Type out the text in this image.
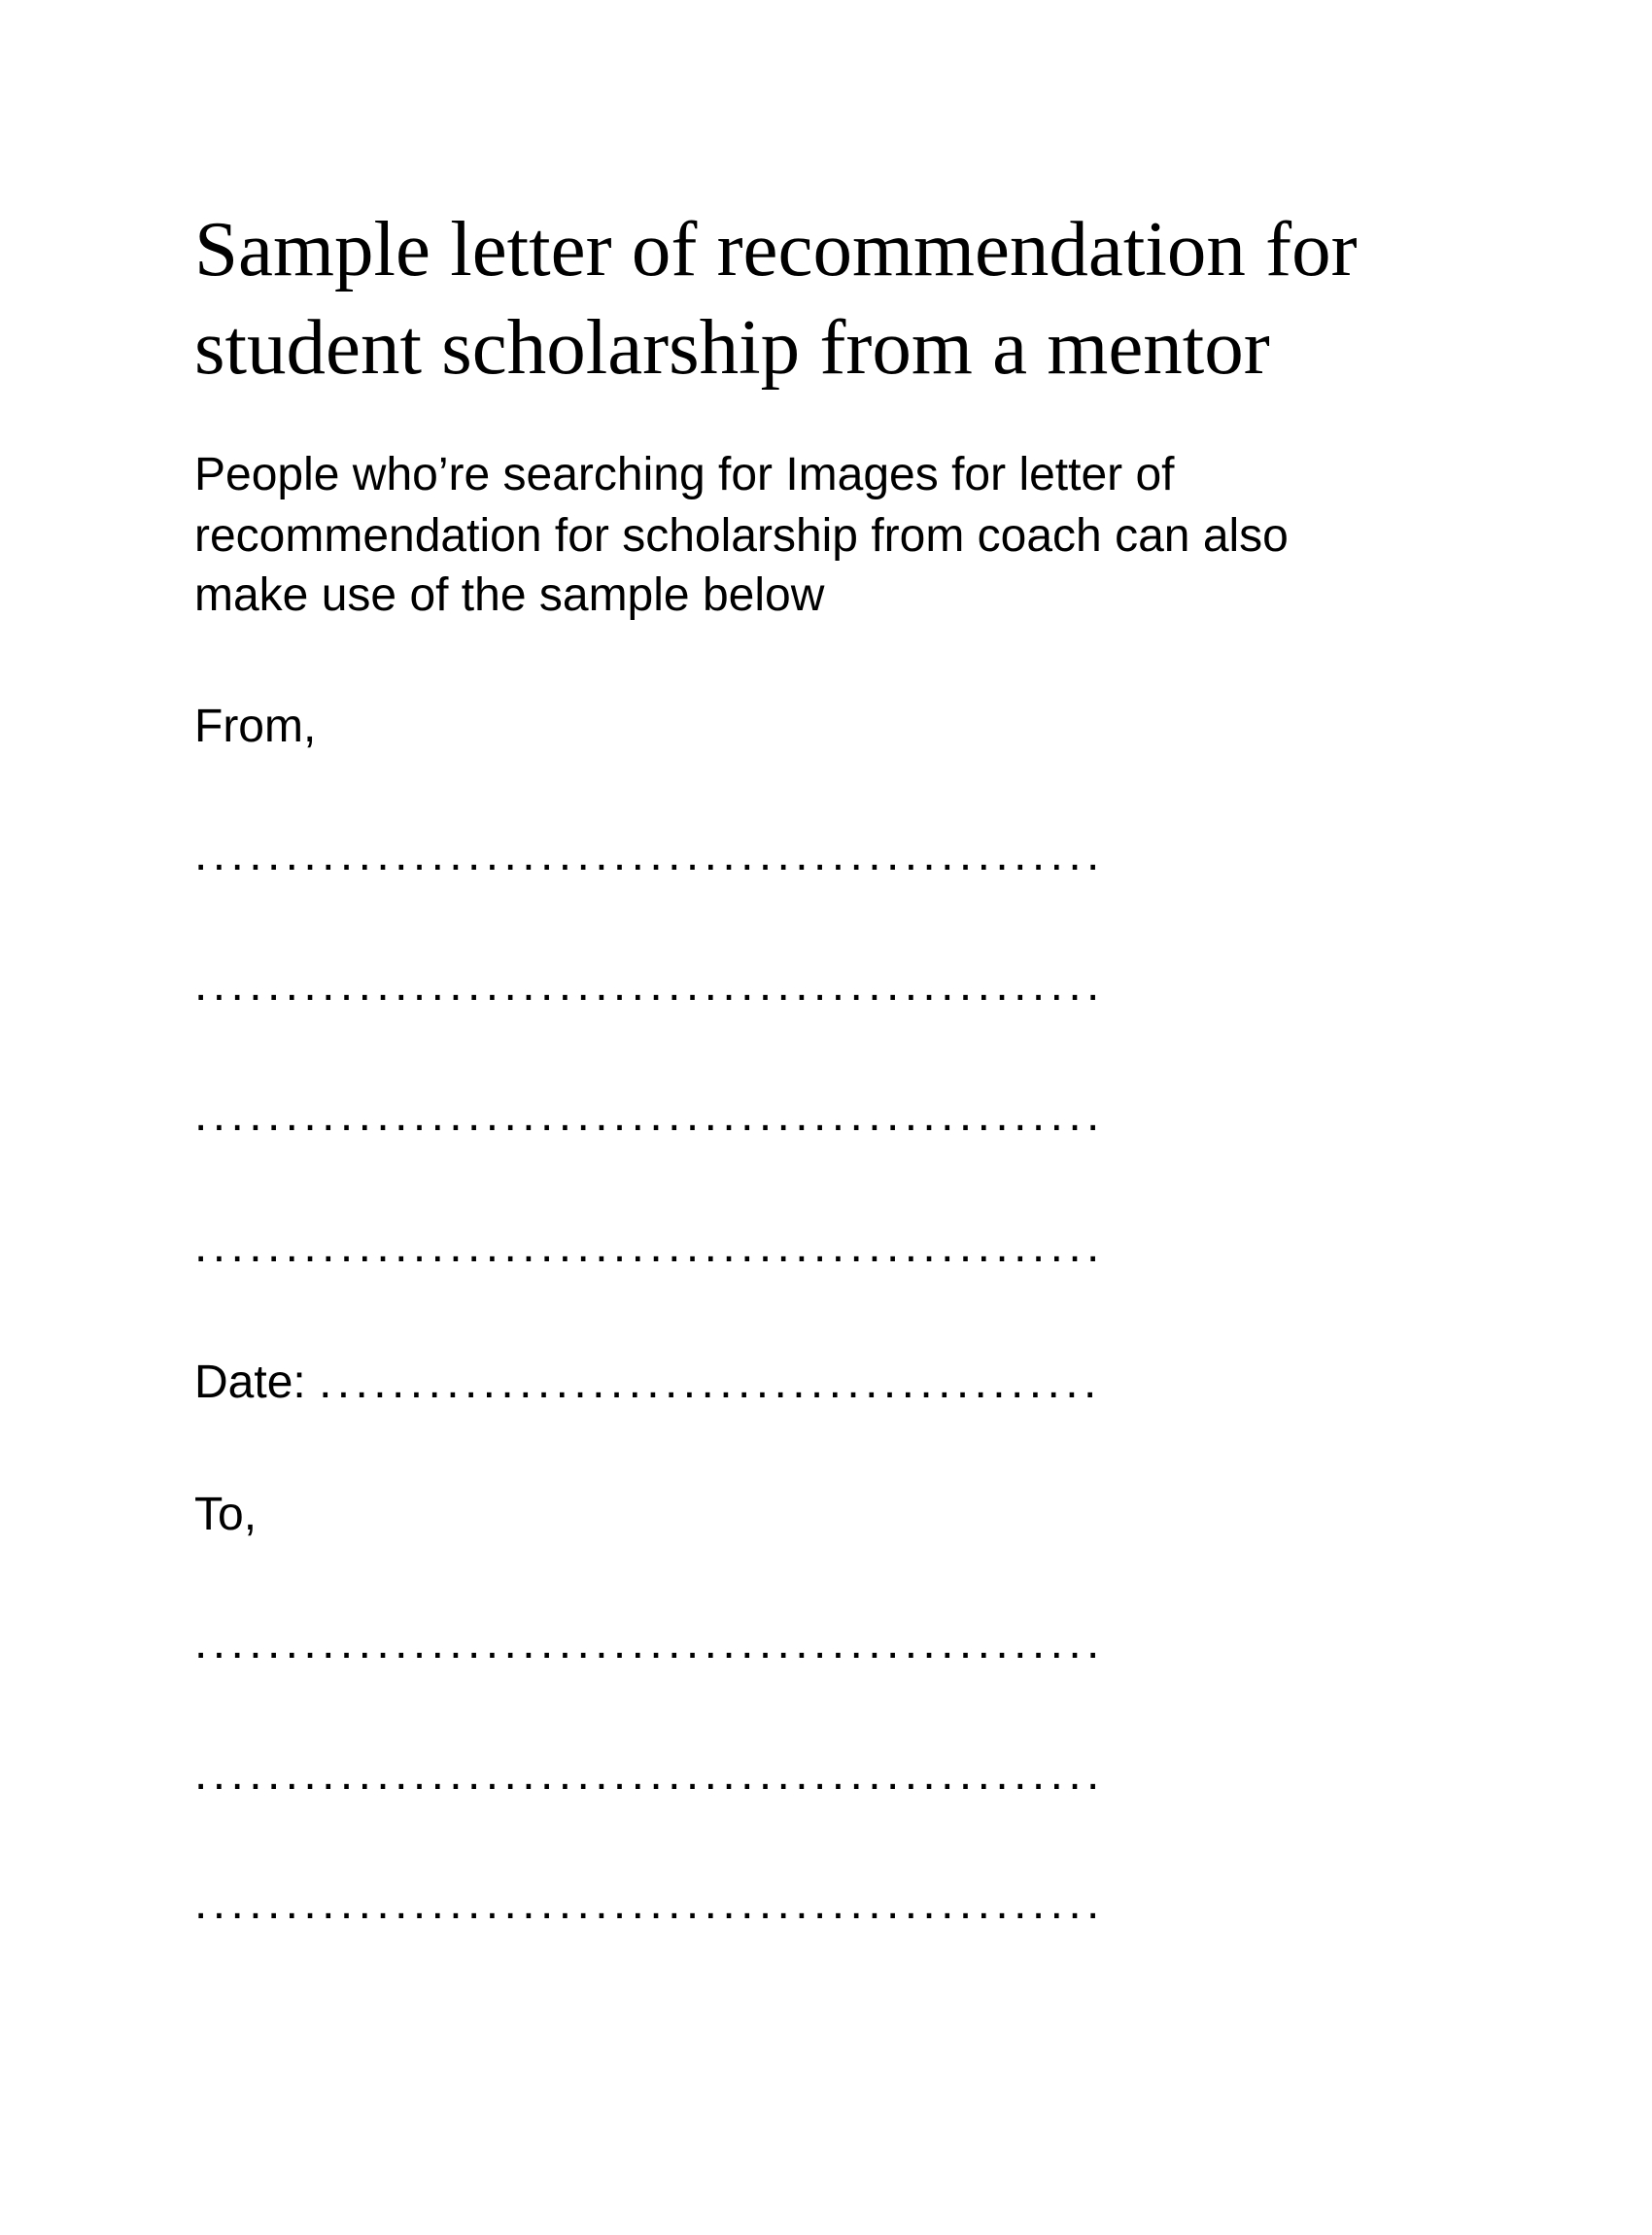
Sample letter of recommendation for
student scholarship from a mentor
People who’re searching for Images for letter of
recommendation for scholarship from coach can also
make use of the sample below
From,
..................................................
..................................................
..................................................
..................................................
Date: ...........................................
To,
..................................................
..................................................
..................................................
